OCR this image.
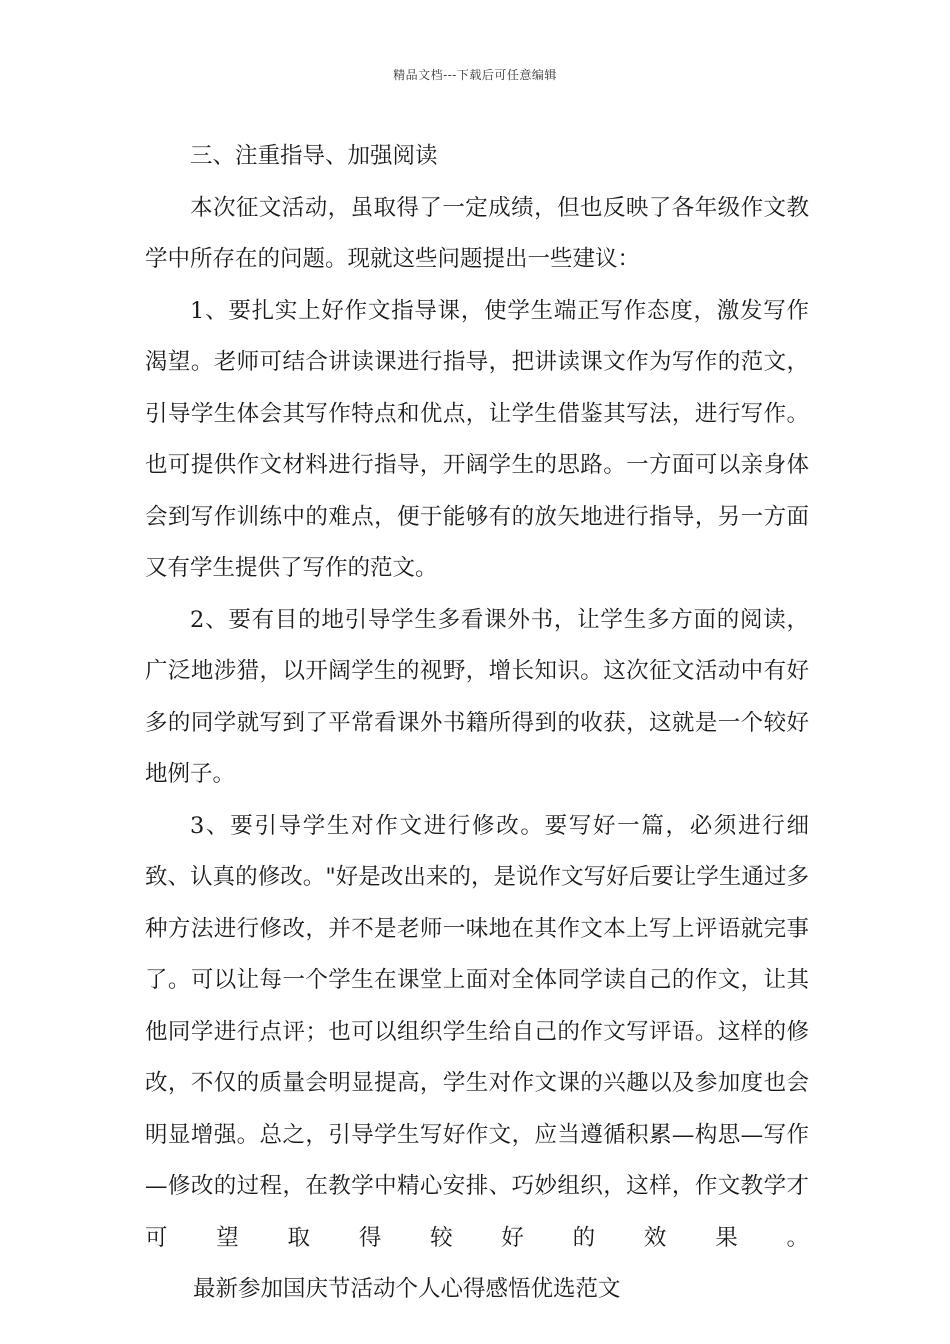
精品文档---下载后可任意编辑

三、注重指导、加强阅读

本次征文活动，虽取得了一定成绩，但也反映了各年级作文教学中所存在的问题。现就这些问题提出一些建议：

1、要扎实上好作文指导课，使学生端正写作态度，激发写作渴望。老师可结合讲读课进行指导，把讲读课文作为写作的范文，引导学生体会其写作特点和优点，让学生借鉴其写法，进行写作。也可提供作文材料进行指导，开阔学生的思路。一方面可以亲身体会到写作训练中的难点，便于能够有的放矢地进行指导，另一方面又有学生提供了写作的范文。

2、要有目的地引导学生多看课外书，让学生多方面的阅读，广泛地涉猎，以开阔学生的视野，增长知识。这次征文活动中有好多的同学就写到了平常看课外书籍所得到的收获，这就是一个较好地例子。

3、要引导学生对作文进行修改。要写好一篇，必须进行细致、认真的修改。"好是改出来的，是说作文写好后要让学生通过多种方法进行修改，并不是老师一味地在其作文本上写上评语就完事了。可以让每一个学生在课堂上面对全体同学读自己的作文，让其他同学进行点评；也可以组织学生给自己的作文写评语。这样的修改，不仅的质量会明显提高，学生对作文课的兴趣以及参加度也会明显增强。总之，引导学生写好作文，应当遵循积累—构思—写作—修改的过程，在教学中精心安排、巧妙组织，这样，作文教学才可望取得较好的效果。最新参加国庆节活动个人心得感悟优选范文
